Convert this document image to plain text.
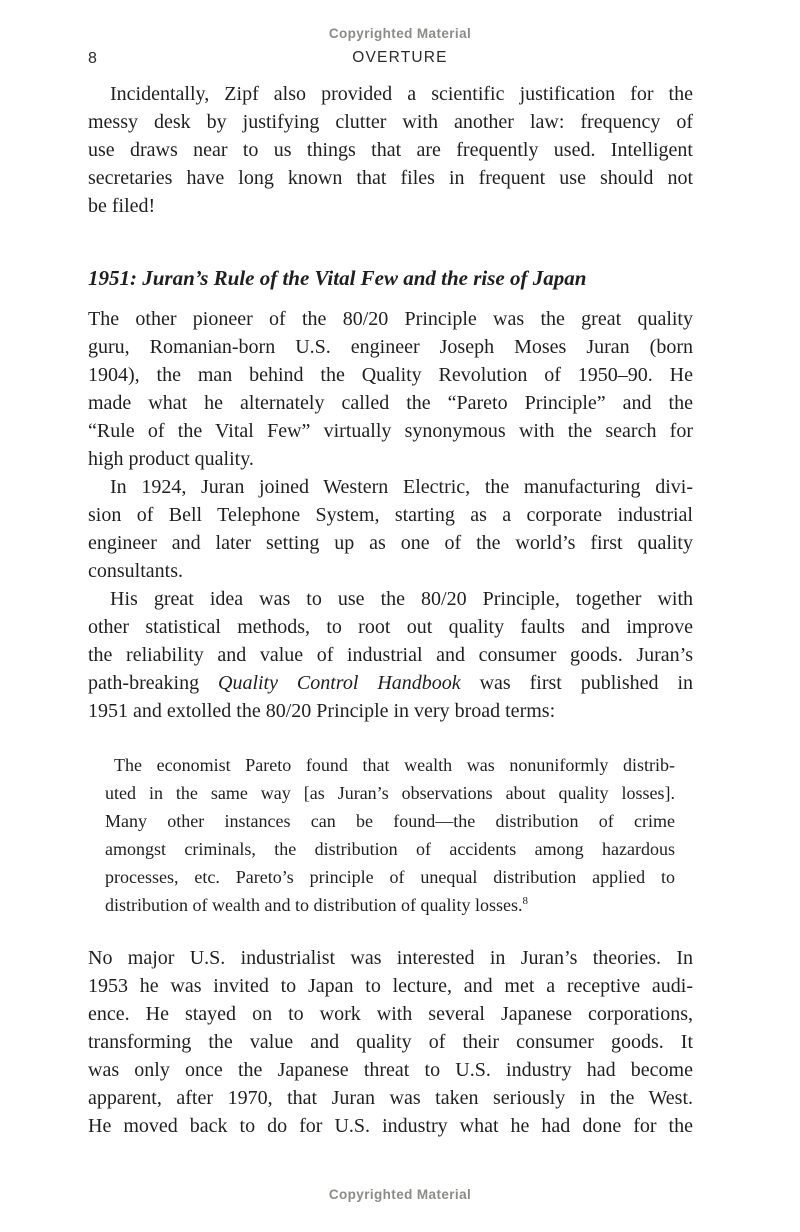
Copyrighted Material
8	OVERTURE

Incidentally, Zipf also provided a scientific justification for the
messy desk by justifying clutter with another law: frequency of
use draws near to us things that are frequently used. Intelligent
secretaries have long known that files in frequent use should not
be filed!

1951: Juran’s Rule of the Vital Few and the rise of Japan

The other pioneer of the 80/20 Principle was the great quality
guru, Romanian-born U.S. engineer Joseph Moses Juran (born
1904), the man behind the Quality Revolution of 1950–90. He
made what he alternately called the “Pareto Principle” and the
“Rule of the Vital Few” virtually synonymous with the search for
high product quality.

In 1924, Juran joined Western Electric, the manufacturing divi-
sion of Bell Telephone System, starting as a corporate industrial
engineer and later setting up as one of the world’s first quality
consultants.

His great idea was to use the 80/20 Principle, together with
other statistical methods, to root out quality faults and improve
the reliability and value of industrial and consumer goods. Juran’s
path-breaking Quality Control Handbook was first published in
1951 and extolled the 80/20 Principle in very broad terms:

The economist Pareto found that wealth was nonuniformly distrib-
uted in the same way [as Juran’s observations about quality losses].
Many other instances can be found—the distribution of crime
amongst criminals, the distribution of accidents among hazardous
processes, etc. Pareto’s principle of unequal distribution applied to
distribution of wealth and to distribution of quality losses.$^8$

No major U.S. industrialist was interested in Juran’s theories. In
1953 he was invited to Japan to lecture, and met a receptive audi-
ence. He stayed on to work with several Japanese corporations,
transforming the value and quality of their consumer goods. It
was only once the Japanese threat to U.S. industry had become
apparent, after 1970, that Juran was taken seriously in the West.
He moved back to do for U.S. industry what he had done for the

Copyrighted Material
